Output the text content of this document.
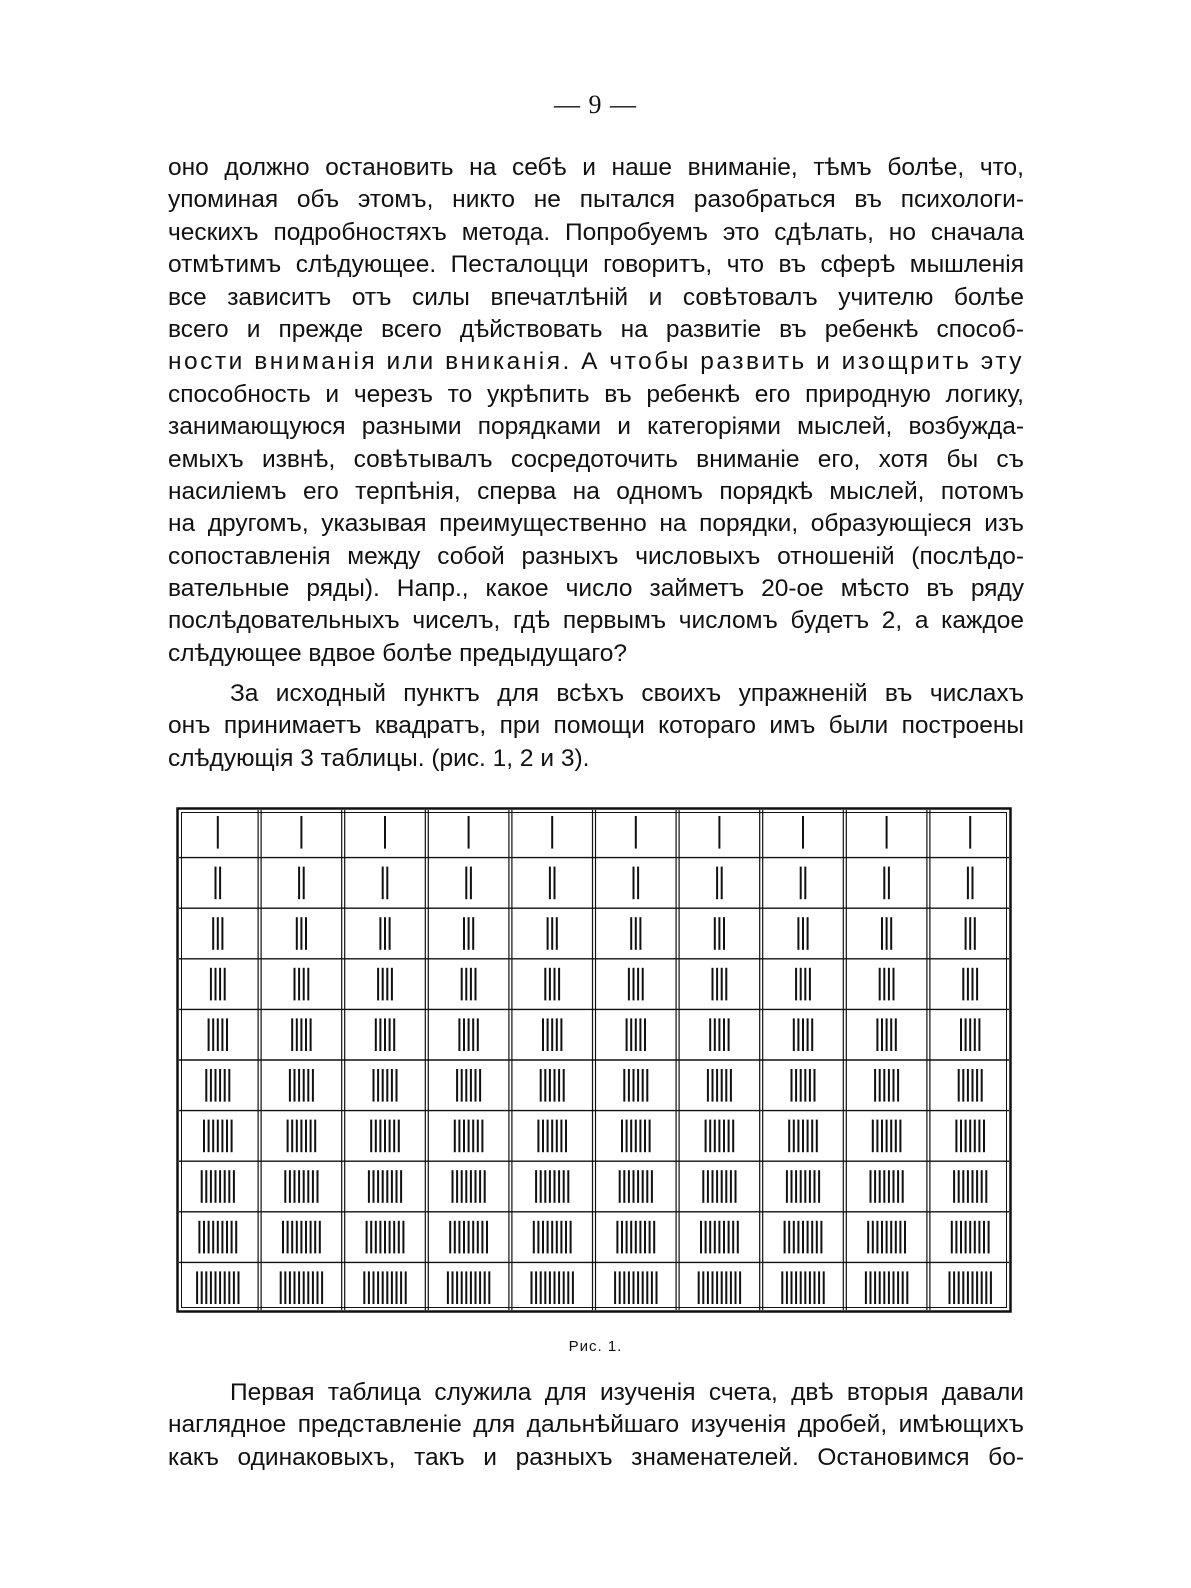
— 9 —
оно должно остановить на себѣ и наше вниманіе, тѣмъ болѣе, что,
упоминая объ этомъ, никто не пытался разобраться въ психологи-
ческихъ подробностяхъ метода. Попробуемъ это сдѣлать, но сначала
отмѣтимъ слѣдующее. Песталоцци говоритъ, что въ сферѣ мышленія
все зависитъ отъ силы впечатлѣній и совѣтовалъ учителю болѣе
всего и прежде всего дѣйствовать на развитіе въ ребенкѣ способ-
ности вниманія или вниканія. А чтобы развить и изощрить эту
способность и черезъ то укрѣпить въ ребенкѣ его природную логику,
занимающуюся разными порядками и категоріями мыслей, возбужда-
емыхъ извнѣ, совѣтывалъ сосредоточить вниманіе его, хотя бы съ
насиліемъ его терпѣнія, сперва на одномъ порядкѣ мыслей, потомъ
на другомъ, указывая преимущественно на порядки, образующіеся изъ
сопоставленія между собой разныхъ числовыхъ отношеній (послѣдо-
вательные ряды). Напр., какое число займетъ 20-ое мѣсто въ ряду
послѣдовательныхъ чиселъ, гдѣ первымъ числомъ будетъ 2, а каждое
слѣдующее вдвое болѣе предыдущаго?
За исходный пунктъ для всѣхъ своихъ упражненій въ числахъ
онъ принимаетъ квадратъ, при помощи котораго имъ были построены
слѣдующія 3 таблицы. (рис. 1, 2 и 3).
Рис. 1.
Первая таблица служила для изученія счета, двѣ вторыя давали
наглядное представленіе для дальнѣйшаго изученія дробей, имѣющихъ
какъ одинаковыхъ, такъ и разныхъ знаменателей. Остановимся бо-
